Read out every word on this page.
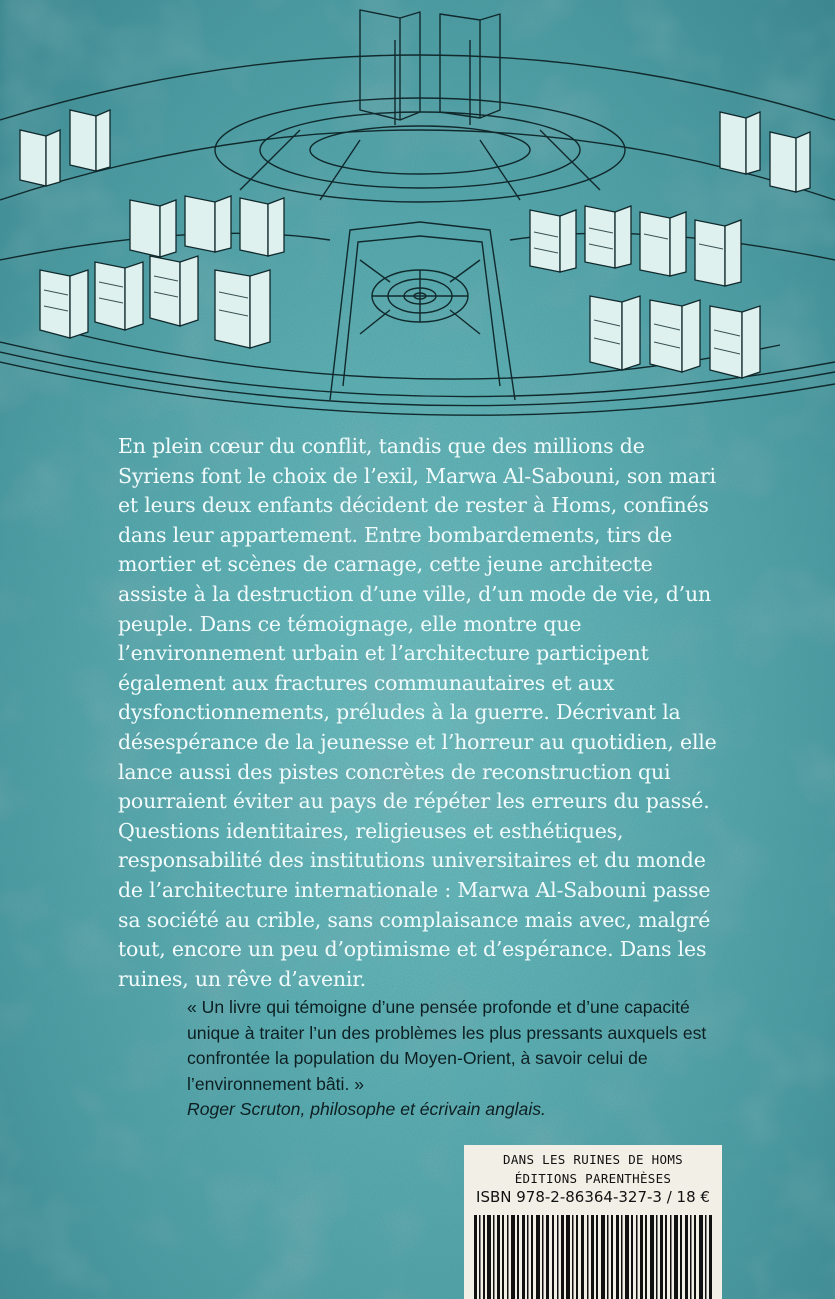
En plein cœur du conflit, tandis que des millions de Syriens font le choix de l’exil, Marwa Al-Sabouni, son mari et leurs deux enfants décident de rester à Homs, confinés dans leur appartement. Entre bombardements, tirs de mortier et scènes de carnage, cette jeune architecte assiste à la destruction d’une ville, d’un mode de vie, d’un peuple. Dans ce témoignage, elle montre que l’environnement urbain et l’architecture participent également aux fractures communautaires et aux dysfonctionnements, préludes à la guerre. Décrivant la désespérance de la jeunesse et l’horreur au quotidien, elle lance aussi des pistes concrètes de reconstruction qui pourraient éviter au pays de répéter les erreurs du passé. Questions identitaires, religieuses et esthétiques, responsabilité des institutions universitaires et du monde de l’architecture internationale : Marwa Al-Sabouni passe sa société au crible, sans complaisance mais avec, malgré tout, encore un peu d’optimisme et d’espérance. Dans les ruines, un rêve d’avenir.

« Un livre qui témoigne d’une pensée profonde et d’une capacité unique à traiter l’un des problèmes les plus pressants auxquels est confrontée la population du Moyen-Orient, à savoir celui de l’environnement bâti. »
Roger Scruton, philosophe et écrivain anglais.

DANS LES RUINES DE HOMS
ÉDITIONS PARENTHÈSES
ISBN 978-2-86364-327-3 / 18 €
